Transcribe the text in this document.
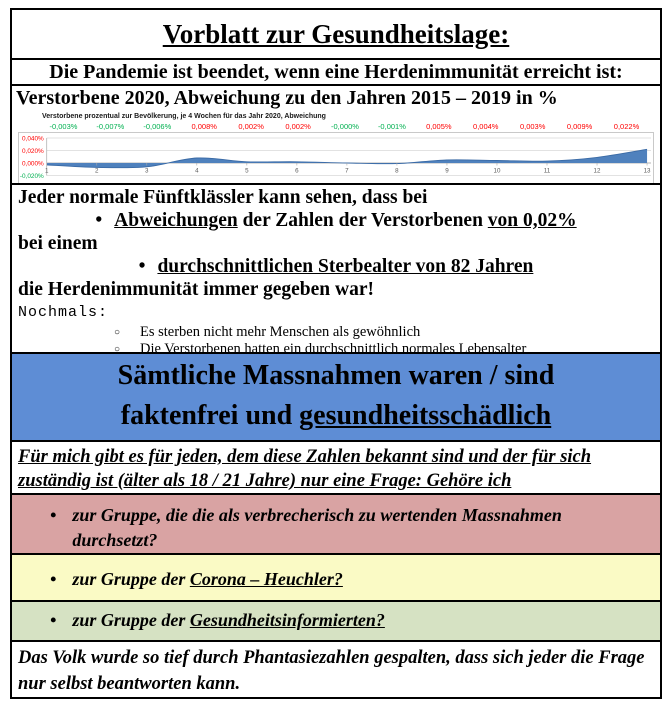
Vorblatt zur Gesundheitslage:
Die Pandemie ist beendet, wenn eine Herdenimmunität erreicht ist:

Verstorbene 2020, Abweichung zu den Jahren 2015 – 2019 in %

Verstorbene prozentual zur Bevölkerung, je 4 Wochen für das Jahr 2020, Abweichung

-0,003%	-0,007%	-0,006%	0,008%	0,002%	0,002%	-0,000%	-0,001%	0,005%	0,004%	0,003%	0,009%	0,022%
0,040%
0,020%
0,000%
-0,020%
1	2	3	4	5	6	7	8	9	10	11	12	13

Jeder normale Fünftklässler kann sehen, dass bei

• Abweichungen der Zahlen der Verstorbenen von 0,02%

bei einem

• durchschnittlichen Sterbealter von 82 Jahren

die Herdenimmunität immer gegeben war!

Nochmals:

○ Es sterben nicht mehr Menschen als gewöhnlich
○ Die Verstorbenen hatten ein durchschnittlich normales Lebensalter
Sämtliche Massnahmen waren / sind
faktenfrei und gesundheitsschädlich

Für mich gibt es für jeden, dem diese Zahlen bekannt sind und der für sich zuständig ist (älter als 18 / 21 Jahre) nur eine Frage: Gehöre ich

• zur Gruppe, die die als verbrecherisch zu wertenden Massnahmen durchsetzt?
• zur Gruppe der Corona – Heuchler?
• zur Gruppe der Gesundheitsinformierten?

Das Volk wurde so tief durch Phantasiezahlen gespalten, dass sich jeder die Frage nur selbst beantworten kann.
